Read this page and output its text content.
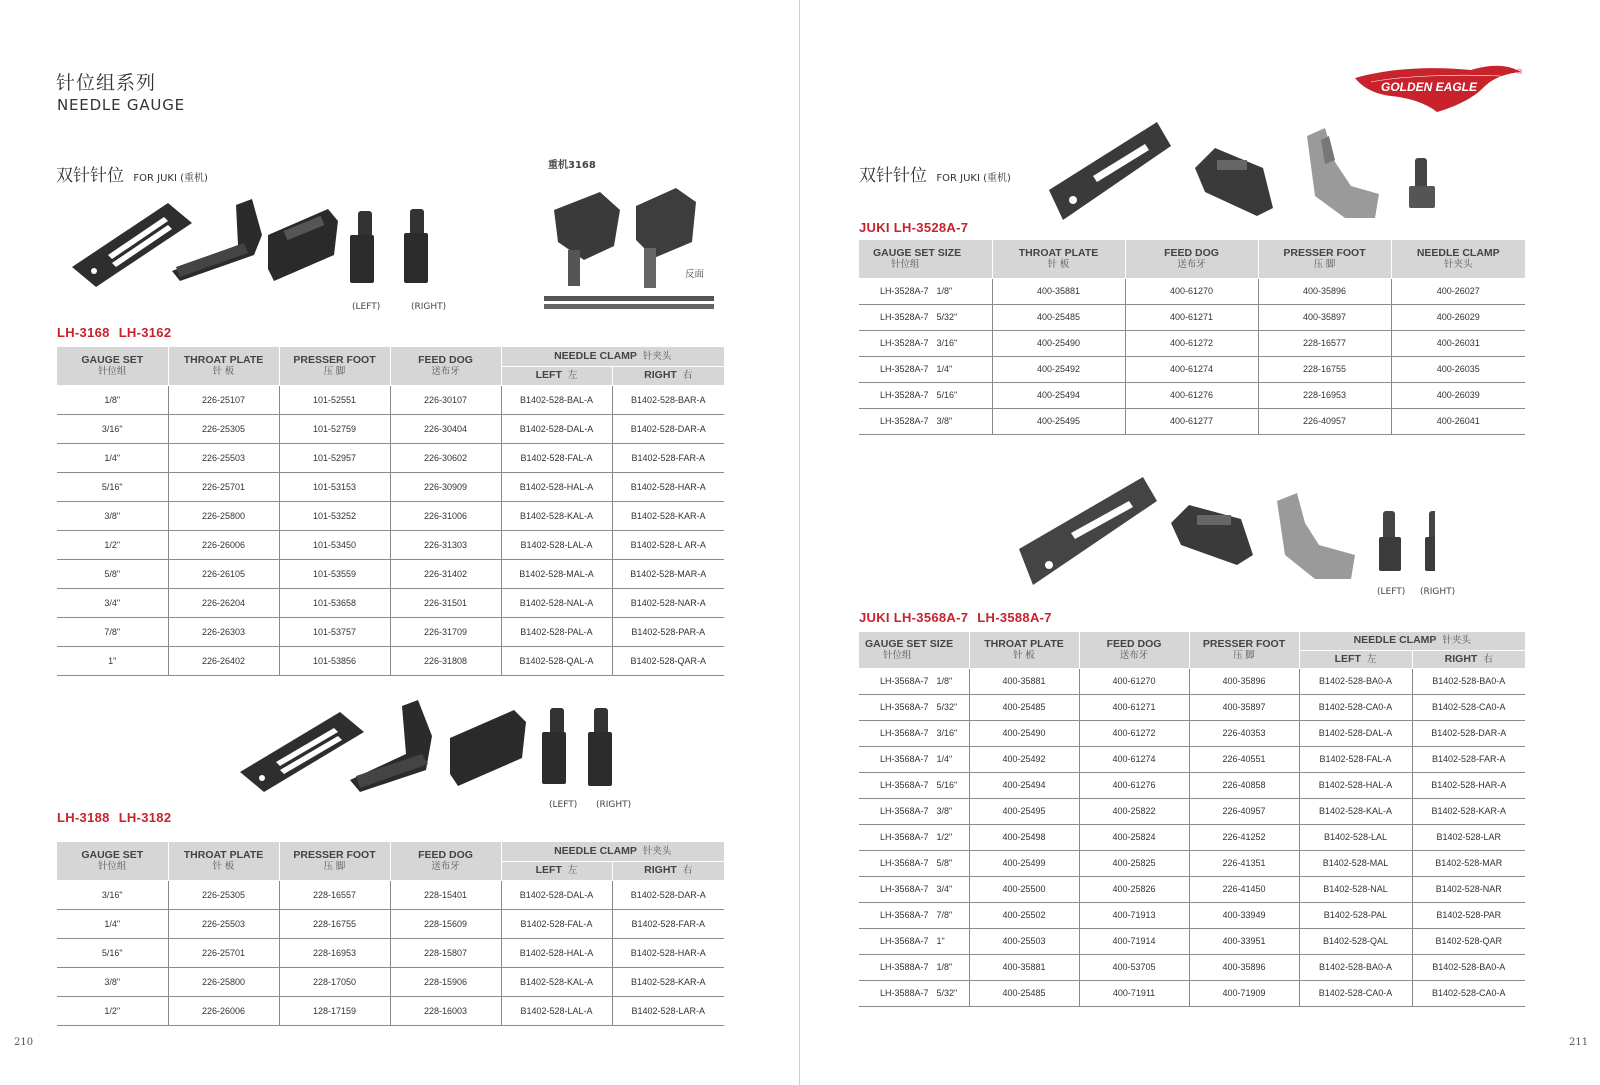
针位组系列
NEEDLE GAUGE
双针针位 FOR JUKI (重机)
(LEFT)	(RIGHT)
重机3168
反面
LH-3168 LH-3162
GAUGE SET
针位组	THROAT PLATE
针 板	PRESSER FOOT
压 脚	FEED DOG
送布牙	NEEDLE CLAMP 针夹头	
				LEFT 左	RIGHT 右
1/8"	226-25107	101-52551	226-30107	B1402-528-BAL-A	B1402-528-BAR-A
3/16"	226-25305	101-52759	226-30404	B1402-528-DAL-A	B1402-528-DAR-A
1/4"	226-25503	101-52957	226-30602	B1402-528-FAL-A	B1402-528-FAR-A
5/16"	226-25701	101-53153	226-30909	B1402-528-HAL-A	B1402-528-HAR-A
3/8"	226-25800	101-53252	226-31006	B1402-528-KAL-A	B1402-528-KAR-A
1/2"	226-26006	101-53450	226-31303	B1402-528-LAL-A	B1402-528-L AR-A
5/8"	226-26105	101-53559	226-31402	B1402-528-MAL-A	B1402-528-MAR-A
3/4"	226-26204	101-53658	226-31501	B1402-528-NAL-A	B1402-528-NAR-A
7/8"	226-26303	101-53757	226-31709	B1402-528-PAL-A	B1402-528-PAR-A
1"	226-26402	101-53856	226-31808	B1402-528-QAL-A	B1402-528-QAR-A
(LEFT) (RIGHT)
LH-3188 LH-3182
GAUGE SET
针位组	THROAT PLATE
针 板	PRESSER FOOT
压 脚	FEED DOG
送布牙	NEEDLE CLAMP 针夹头	
				LEFT 左	RIGHT 右
3/16"	226-25305	228-16557	228-15401	B1402-528-DAL-A	B1402-528-DAR-A
1/4"	226-25503	228-16755	228-15609	B1402-528-FAL-A	B1402-528-FAR-A
5/16"	226-25701	228-16953	228-15807	B1402-528-HAL-A	B1402-528-HAR-A
3/8"	226-25800	228-17050	228-15906	B1402-528-KAL-A	B1402-528-KAR-A
1/2"	226-26006	128-17159	228-16003	B1402-528-LAL-A	B1402-528-LAR-A
210
GOLDEN EAGLE
®
双针针位 FOR JUKI (重机)
JUKI LH-3528A-7
GAUGE SET SIZE
针位组	THROAT PLATE
针 板	FEED DOG
送布牙	PRESSER FOOT
压 脚	NEEDLE CLAMP
针夹头

LH-3528A-7 1/8"	400-35881	400-61270	400-35896	400-26027
LH-3528A-7 5/32"	400-25485	400-61271	400-35897	400-26029
LH-3528A-7 3/16"	400-25490	400-61272	228-16577	400-26031
LH-3528A-7 1/4"	400-25492	400-61274	228-16755	400-26035
LH-3528A-7 5/16"	400-25494	400-61276	228-16953	400-26039
LH-3528A-7 3/8"	400-25495	400-61277	226-40957	400-26041
(LEFT) (RIGHT)
JUKI LH-3568A-7 LH-3588A-7
GAUGE SET SIZE
针位组	THROAT PLATE
针 板	FEED DOG
送布牙	PRESSER FOOT
压 脚	NEEDLE CLAMP 针夹头	
				LEFT 左	RIGHT 右
LH-3568A-7 1/8"	400-35881	400-61270	400-35896	B1402-528-BA0-A	B1402-528-BA0-A
LH-3568A-7 5/32"	400-25485	400-61271	400-35897	B1402-528-CA0-A	B1402-528-CA0-A
LH-3568A-7 3/16"	400-25490	400-61272	226-40353	B1402-528-DAL-A	B1402-528-DAR-A
LH-3568A-7 1/4"	400-25492	400-61274	226-40551	B1402-528-FAL-A	B1402-528-FAR-A
LH-3568A-7 5/16"	400-25494	400-61276	226-40858	B1402-528-HAL-A	B1402-528-HAR-A
LH-3568A-7 3/8"	400-25495	400-25822	226-40957	B1402-528-KAL-A	B1402-528-KAR-A
LH-3568A-7 1/2"	400-25498	400-25824	226-41252	B1402-528-LAL	B1402-528-LAR
LH-3568A-7 5/8"	400-25499	400-25825	226-41351	B1402-528-MAL	B1402-528-MAR
LH-3568A-7 3/4"	400-25500	400-25826	226-41450	B1402-528-NAL	B1402-528-NAR
LH-3568A-7 7/8"	400-25502	400-71913	400-33949	B1402-528-PAL	B1402-528-PAR
LH-3568A-7 1"	400-25503	400-71914	400-33951	B1402-528-QAL	B1402-528-QAR
LH-3588A-7 1/8"	400-35881	400-53705	400-35896	B1402-528-BA0-A	B1402-528-BA0-A
LH-3588A-7 5/32"	400-25485	400-71911	400-71909	B1402-528-CA0-A	B1402-528-CA0-A
211
